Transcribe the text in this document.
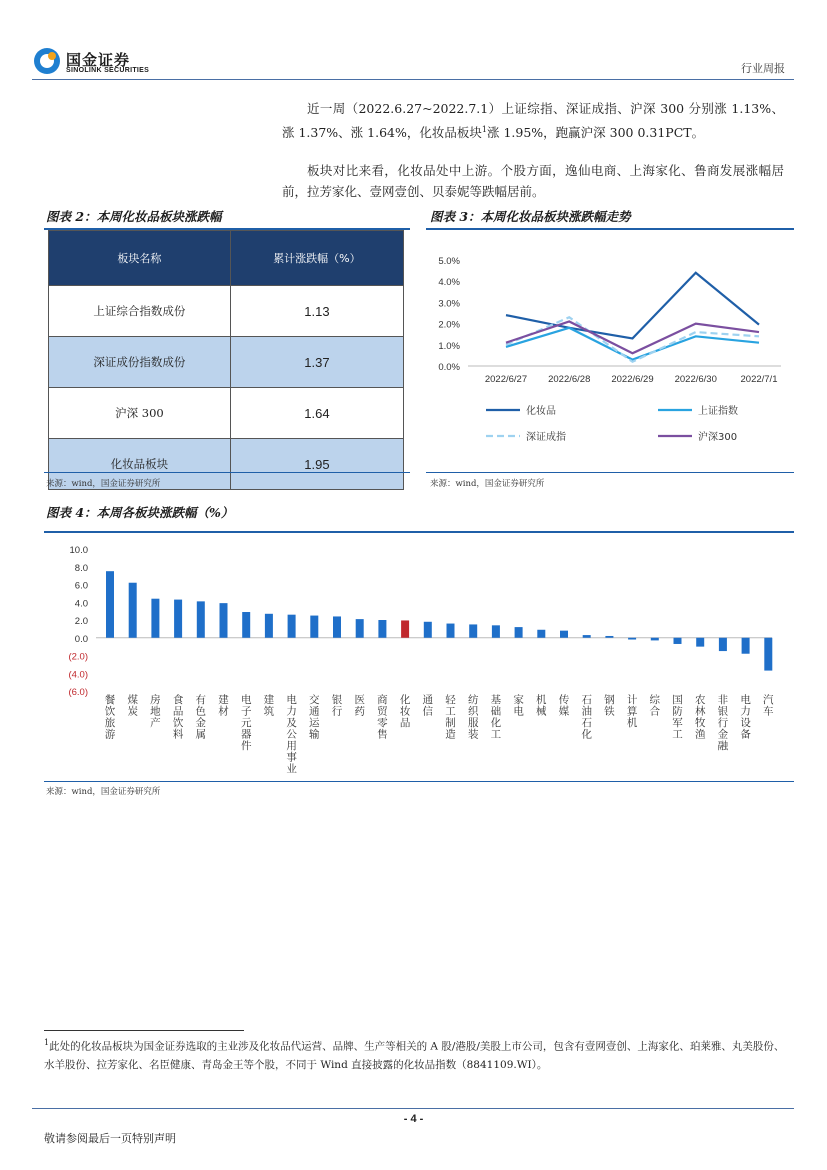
国金证券
SINOLINK SECURITIES	行业周报
近一周（2022.6.27~2022.7.1）上证综指、深证成指、沪深 300 分别涨 1.13%、涨 1.37%、涨 1.64%，化妆品板块$^1$涨 1.95%，跑赢沪深 300 0.31PCT。
板块对比来看，化妆品处中上游。个股方面，逸仙电商、上海家化、鲁商发展涨幅居前，拉芳家化、壹网壹创、贝泰妮等跌幅居前。
图表 2：本周化妆品板块涨跌幅
板块名称	累计涨跌幅（%）
上证综合指数成份	1.13
深证成份指数成份	1.37
沪深 300	1.64
化妆品板块	1.95
来源：wind，国金证券研究所
图表 3：本周化妆品板块涨跌幅走势
0.0%
1.0%
2.0%
3.0%
4.0%
5.0%
2022/6/27 2022/6/28 2022/6/29 2022/6/30 2022/7/1
化妆品	上证指数
深证成指	沪深300
来源：wind，国金证券研究所
图表 4：本周各板块涨跌幅（%）
10.0
8.0
6.0
4.0
2.0
0.0
(2.0)
(4.0)
(6.0)
餐饮旅游
煤炭
房地产
食品饮料
有色金属
建材
电子元器件
建筑
电力及公用事业
交通运输
银行
医药
商贸零售
化妆品
通信
轻工制造
纺织服装
基础化工
家电
机械
传媒
石油石化
钢铁
计算机
综合
国防军工
农林牧渔
非银行金融
电力设备
汽车
来源：wind，国金证券研究所
$^1$此处的化妆品板块为国金证券选取的主业涉及化妆品代运营、品牌、生产等相关的 A 股/港股/美股上市公司，包含有壹网壹创、上海家化、珀莱雅、丸美股份、水羊股份、拉芳家化、名臣健康、青岛金王等个股，不同于 Wind 直接披露的化妆品指数（8841109.WI）。
- 4 -
敬请参阅最后一页特别声明
